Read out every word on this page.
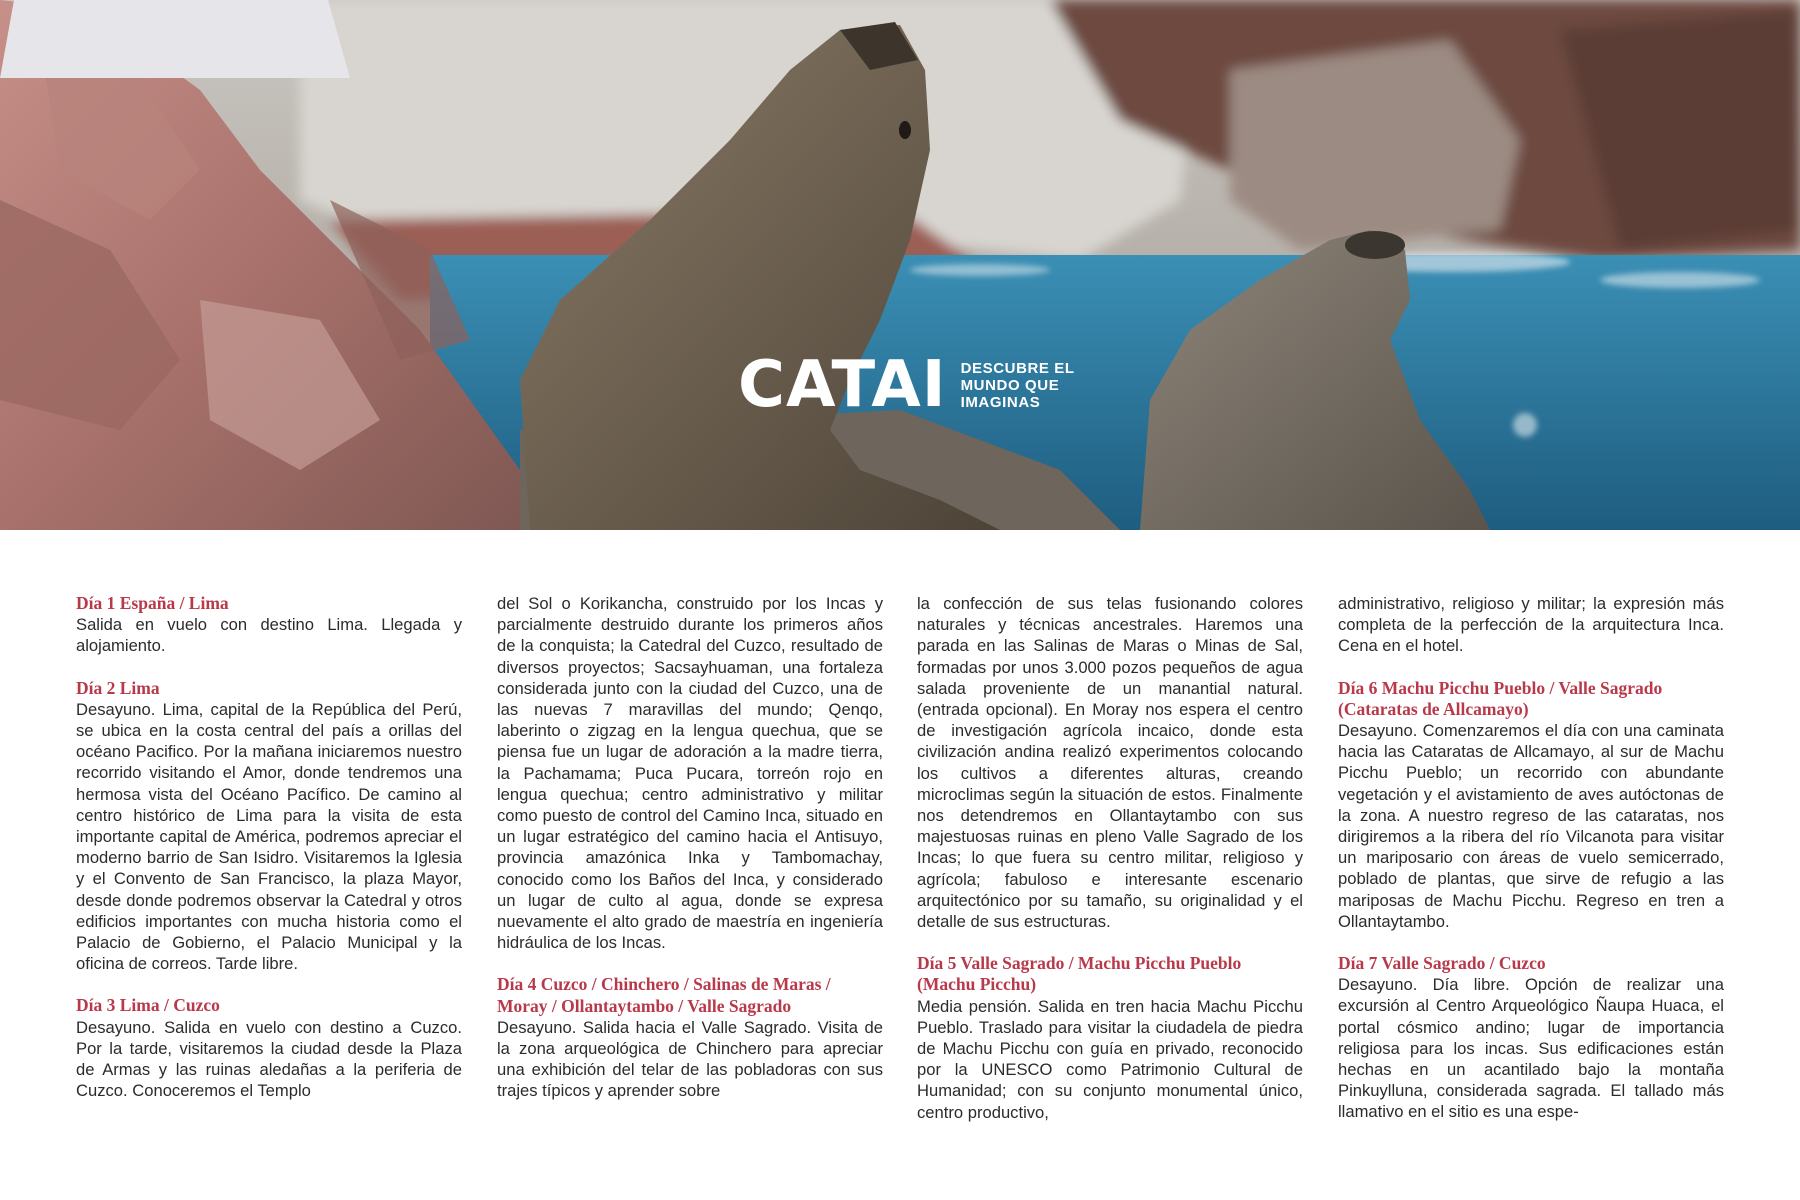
CATAI DESCUBRE EL
MUNDO QUE
IMAGINAS

Día 1 España / Lima

Salida en vuelo con destino Lima. Llegada y alojamiento.

Día 2 Lima

Desayuno. Lima, capital de la República del Perú, se ubica en la costa central del país a orillas del océano Pacifico. Por la mañana iniciaremos nuestro recorrido visitando el Amor, donde tendremos una hermosa vista del Océano Pacífico. De camino al centro histórico de Lima para la visita de esta importante capital de América, podremos apreciar el moderno barrio de San Isidro. Visitaremos la Iglesia y el Convento de San Francisco, la plaza Mayor, desde donde podremos observar la Catedral y otros edificios importantes con mucha historia como el Palacio de Gobierno, el Palacio Municipal y la oficina de correos. Tarde libre.

Día 3 Lima / Cuzco

Desayuno. Salida en vuelo con destino a Cuzco. Por la tarde, visitaremos la ciudad desde la Plaza de Armas y las ruinas aledañas a la periferia de Cuzco. Conoceremos el Templo

del Sol o Korikancha, construido por los Incas y parcialmente destruido durante los primeros años de la conquista; la Catedral del Cuzco, resultado de diversos proyectos; Sacsayhuaman, una fortaleza considerada junto con la ciudad del Cuzco, una de las nuevas 7 maravillas del mundo; Qenqo, laberinto o zigzag en la lengua quechua, que se piensa fue un lugar de adoración a la madre tierra, la Pachamama; Puca Pucara, torreón rojo en lengua quechua; centro administrativo y militar como puesto de control del Camino Inca, situado en un lugar estratégico del camino hacia el Antisuyo, provincia amazónica Inka y Tambomachay, conocido como los Baños del Inca, y considerado un lugar de culto al agua, donde se expresa nuevamente el alto grado de maestría en ingeniería hidráulica de los Incas.

Día 4 Cuzco / Chinchero / Salinas de Maras / Moray / Ollantaytambo / Valle Sagrado

Desayuno. Salida hacia el Valle Sagrado. Visita de la zona arqueológica de Chinchero para apreciar una exhibición del telar de las pobladoras con sus trajes típicos y aprender sobre

la confección de sus telas fusionando colores naturales y técnicas ancestrales. Haremos una parada en las Salinas de Maras o Minas de Sal, formadas por unos 3.000 pozos pequeños de agua salada proveniente de un manantial natural. (entrada opcional). En Moray nos espera el centro de investigación agrícola incaico, donde esta civilización andina realizó experimentos colocando los cultivos a diferentes alturas, creando microclimas según la situación de estos. Finalmente nos detendremos en Ollantaytambo con sus majestuosas ruinas en pleno Valle Sagrado de los Incas; lo que fuera su centro militar, religioso y agrícola; fabuloso e interesante escenario arquitectónico por su tamaño, su originalidad y el detalle de sus estructuras.

Día 5 Valle Sagrado / Machu Picchu Pueblo (Machu Picchu)

Media pensión. Salida en tren hacia Machu Picchu Pueblo. Traslado para visitar la ciudadela de piedra de Machu Picchu con guía en privado, reconocido por la UNESCO como Patrimonio Cultural de Humanidad; con su conjunto monumental único, centro productivo,

administrativo, religioso y militar; la expresión más completa de la perfección de la arquitectura Inca. Cena en el hotel.

Día 6 Machu Picchu Pueblo / Valle Sagrado (Cataratas de Allcamayo)

Desayuno. Comenzaremos el día con una caminata hacia las Cataratas de Allcamayo, al sur de Machu Picchu Pueblo; un recorrido con abundante vegetación y el avistamiento de aves autóctonas de la zona. A nuestro regreso de las cataratas, nos dirigiremos a la ribera del río Vilcanota para visitar un mariposario con áreas de vuelo semicerrado, poblado de plantas, que sirve de refugio a las mariposas de Machu Picchu. Regreso en tren a Ollantaytambo.

Día 7 Valle Sagrado / Cuzco

Desayuno. Día libre. Opción de realizar una excursión al Centro Arqueológico Ñaupa Huaca, el portal cósmico andino; lugar de importancia religiosa para los incas. Sus edificaciones están hechas en un acantilado bajo la montaña Pinkuylluna, considerada sagrada. El tallado más llamativo en el sitio es una espe-
